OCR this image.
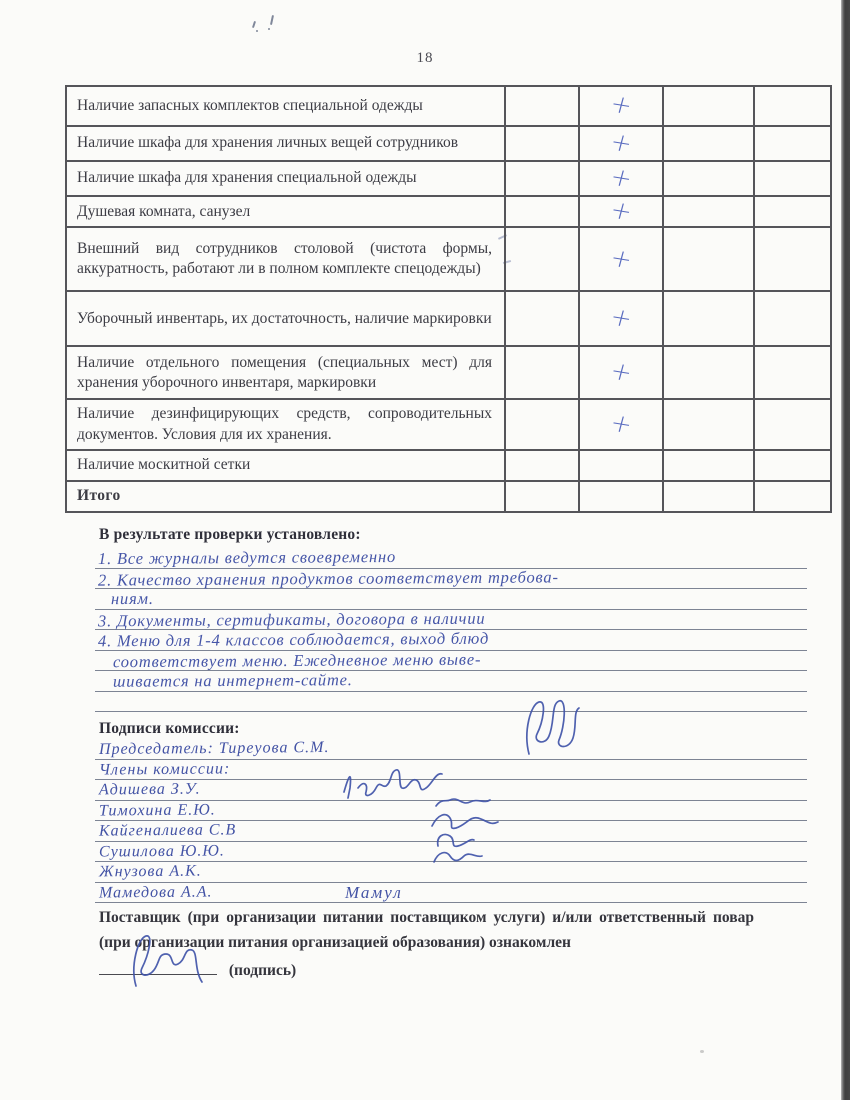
18
Наличие запасных комплектов специальной одежды		+		
Наличие шкафа для хранения личных вещей сотрудников		+		
Наличие шкафа для хранения специальной одежды		+		
Душевая комната, санузел		+		
Внешний вид сотрудников столовой (чистота формы, аккуратность, работают ли в полном комплекте спецодежды)		+		
Уборочный инвентарь, их достаточность, наличие маркировки		+		
Наличие отдельного помещения (специальных мест) для хранения уборочного инвентаря, маркировки		+		
Наличие дезинфицирующих средств, сопроводительных документов. Условия для их хранения.		+		
Наличие москитной сетки				
Итого				
В результате проверки установлено:
1. Все журналы ведутся своевременно
2. Качество хранения продуктов соответствует требова-
ниям.
3. Документы, сертификаты, договора в наличии
4. Меню для 1-4 классов соблюдается, выход блюд
соответствует меню. Ежедневное меню выве-
шивается на интернет-сайте.
Подписи комиссии:
Председатель: Тиреуова С.М.
Члены комиссии:
Адишева З.У.
Тимохина Е.Ю.
Кайгеналиева С.В
Сушилова Ю.Ю.
Жнузова А.К.
Мамедова А.А.	Мамул
Поставщик (при организации питании поставщиком услуги) и/или ответственный повар (при организации питания организацией образования) ознакомлен
(подпись)
